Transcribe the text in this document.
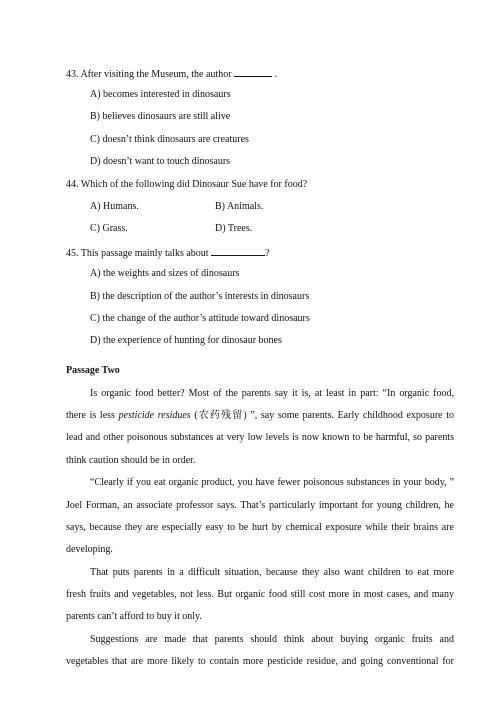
43. After visiting the Museum, the author	.
A) becomes interested in dinosaurs
B) believes dinosaurs are still alive
C) doesn’t think dinosaurs are creatures
D) doesn’t want to touch dinosaurs
44. Which of the following did Dinosaur Sue have for food?
A) Humans.	B) Animals.
C) Grass.	D) Trees.
45. This passage mainly talks about	?
A) the weights and sizes of dinosaurs
B) the description of the author’s interests in dinosaurs
C) the change of the author’s attitude toward dinosaurs
D) the experience of hunting for dinosaur bones
Passage Two
Is organic food better? Most of the parents say it is, at least in part: “In organic food,
there is less pesticide residues (农药残留) ”, say some parents. Early childhood exposure to
lead and other poisonous substances at very low levels is now known to be harmful, so parents
think caution should be in order.
“Clearly if you eat organic product, you have fewer poisonous substances in your body, ”
Joel Forman, an associate professor says. That’s particularly important for young children, he
says, because they are especially easy to be hurt by chemical exposure while their brains are
developing.
That puts parents in a difficult situation, because they also want children to eat more
fresh fruits and vegetables, not less. But organic food still cost more in most cases, and many
parents can’t afford to buy it only.
Suggestions are made that parents should think about buying organic fruits and
vegetables that are more likely to contain more pesticide residue, and going conventional for
